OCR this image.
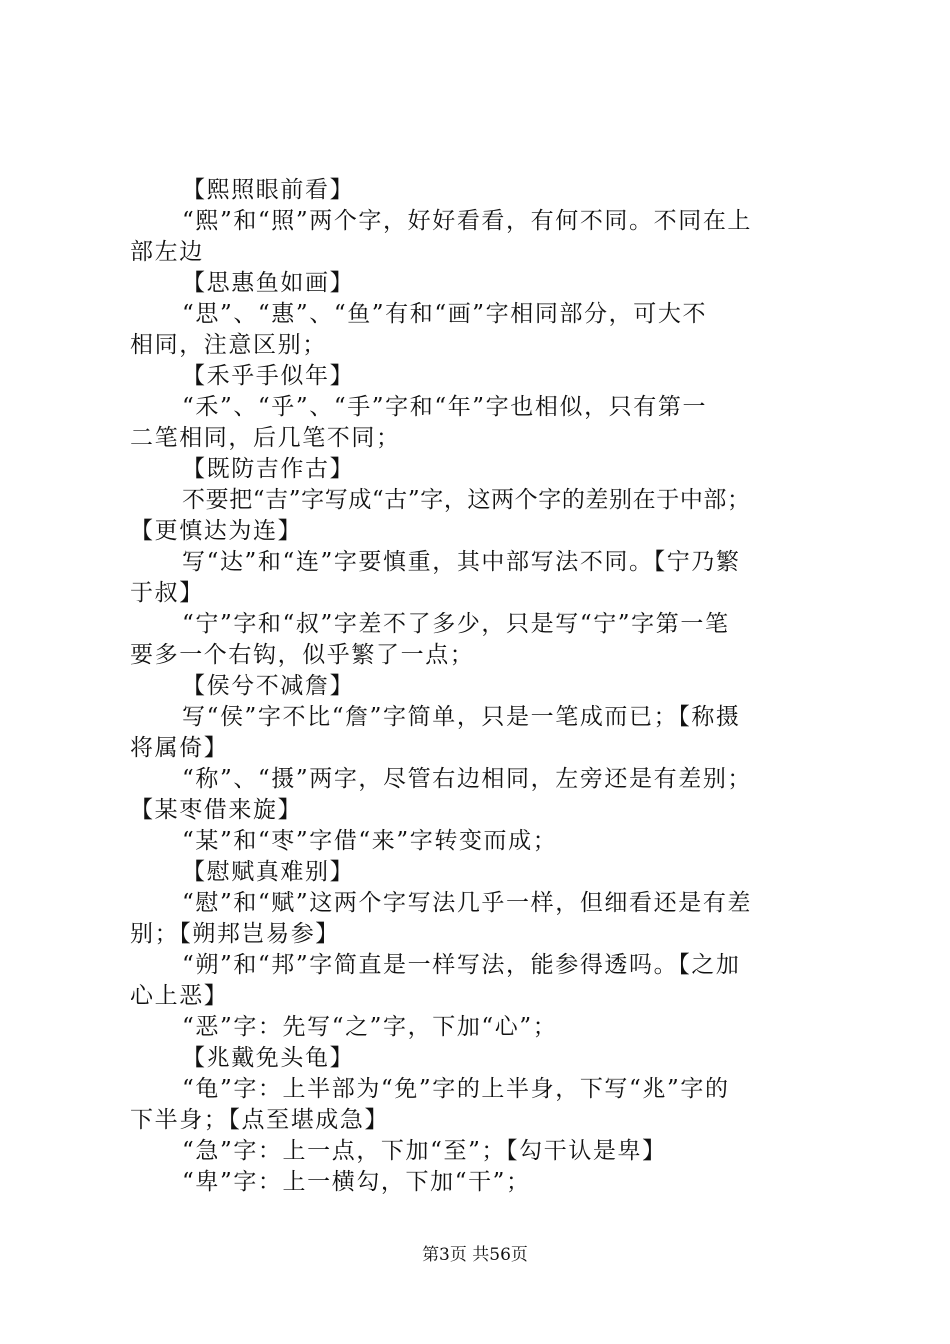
【熙照眼前看】
“熙”和“照”两个字，好好看看，有何不同。不同在上
部左边
【思惠鱼如画】
“思”、“惠”、“鱼”有和“画”字相同部分，可大不
相同，注意区别；
【禾乎手似年】
“禾”、“乎”、“手”字和“年”字也相似，只有第一
二笔相同，后几笔不同；
【既防吉作古】
不要把“吉”字写成“古”字，这两个字的差别在于中部；
【更慎达为连】
写“达”和“连”字要慎重，其中部写法不同。【宁乃繁
于叔】
“宁”字和“叔”字差不了多少，只是写“宁”字第一笔
要多一个右钩，似乎繁了一点；
【侯兮不减詹】
写“侯”字不比“詹”字简单，只是一笔成而已；【称摄
将属倚】
“称”、“摄”两字，尽管右边相同，左旁还是有差别；
【某枣借来旋】
“某”和“枣”字借“来”字转变而成；
【慰赋真难别】
“慰”和“赋”这两个字写法几乎一样，但细看还是有差
别；【朔邦岂易参】
“朔”和“邦”字简直是一样写法，能参得透吗。【之加
心上恶】
“恶”字：先写“之”字，下加“心”；
【兆戴免头龟】
“龟”字：上半部为“免”字的上半身，下写“兆”字的
下半身；【点至堪成急】
“急”字：上一点，下加“至”；【勾干认是卑】
“卑”字：上一横勾，下加“干”；
第3页 共56页
